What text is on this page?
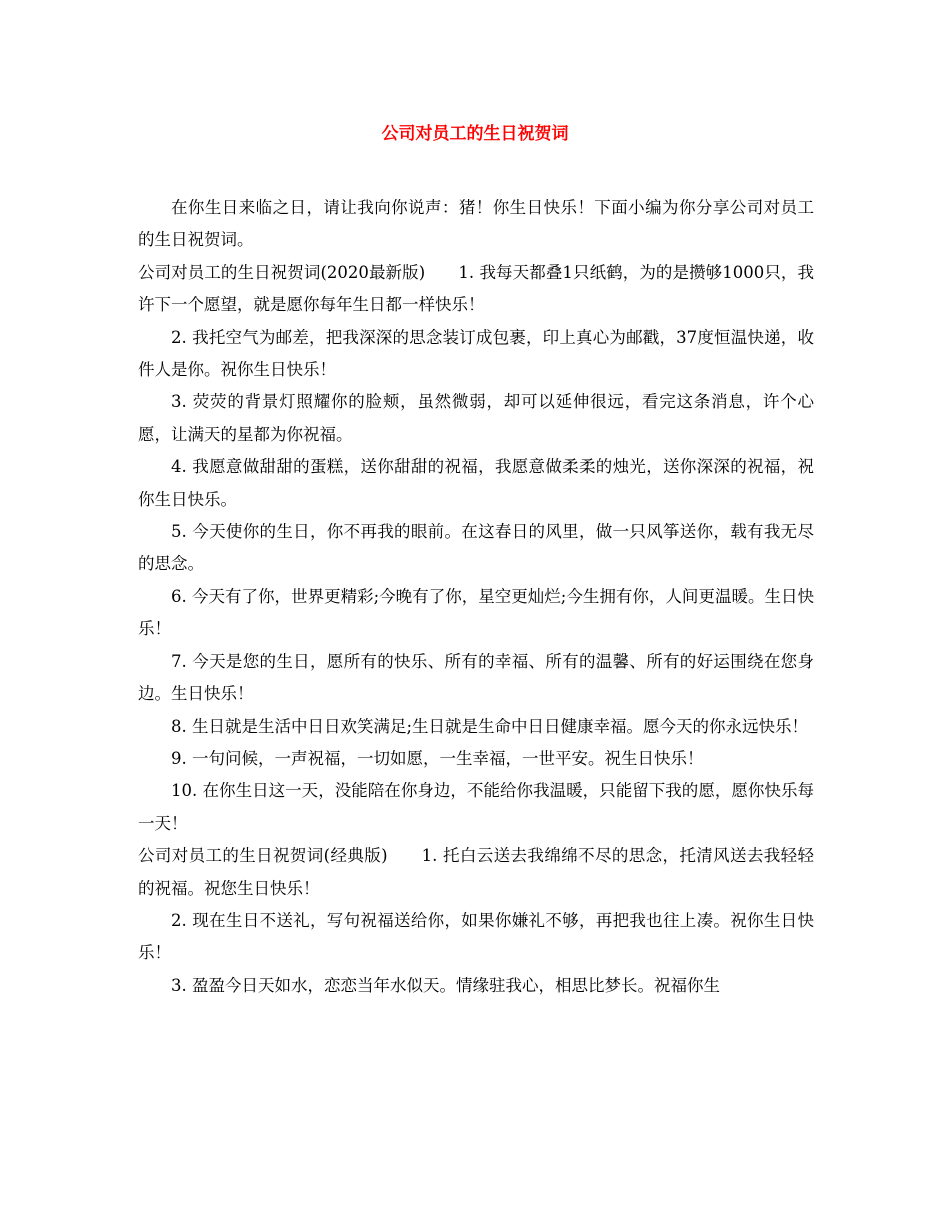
公司对员工的生日祝贺词

在你生日来临之日，请让我向你说声：猪！你生日快乐！下面小编为你分享公司对员工的生日祝贺词。

公司对员工的生日祝贺词(2020最新版)　　1. 我每天都叠1只纸鹤，为的是攒够1000只，我许下一个愿望，就是愿你每年生日都一样快乐！

2. 我托空气为邮差，把我深深的思念装订成包裹，印上真心为邮戳，37度恒温快递，收件人是你。祝你生日快乐！

3. 荧荧的背景灯照耀你的脸颊，虽然微弱，却可以延伸很远，看完这条消息，许个心愿，让满天的星都为你祝福。

4. 我愿意做甜甜的蛋糕，送你甜甜的祝福，我愿意做柔柔的烛光，送你深深的祝福，祝你生日快乐。

5. 今天使你的生日，你不再我的眼前。在这春日的风里，做一只风筝送你，载有我无尽的思念。

6. 今天有了你，世界更精彩;今晚有了你，星空更灿烂;今生拥有你，人间更温暖。生日快乐！

7. 今天是您的生日，愿所有的快乐、所有的幸福、所有的温馨、所有的好运围绕在您身边。生日快乐！

8. 生日就是生活中日日欢笑满足;生日就是生命中日日健康幸福。愿今天的你永远快乐！

9. 一句问候，一声祝福，一切如愿，一生幸福，一世平安。祝生日快乐！

10. 在你生日这一天，没能陪在你身边，不能给你我温暖，只能留下我的愿，愿你快乐每一天！

公司对员工的生日祝贺词(经典版)　　1. 托白云送去我绵绵不尽的思念，托清风送去我轻轻的祝福。祝您生日快乐！

2. 现在生日不送礼，写句祝福送给你，如果你嫌礼不够，再把我也往上凑。祝你生日快乐！

3. 盈盈今日天如水，恋恋当年水似天。情缘驻我心，相思比梦长。祝福你生
